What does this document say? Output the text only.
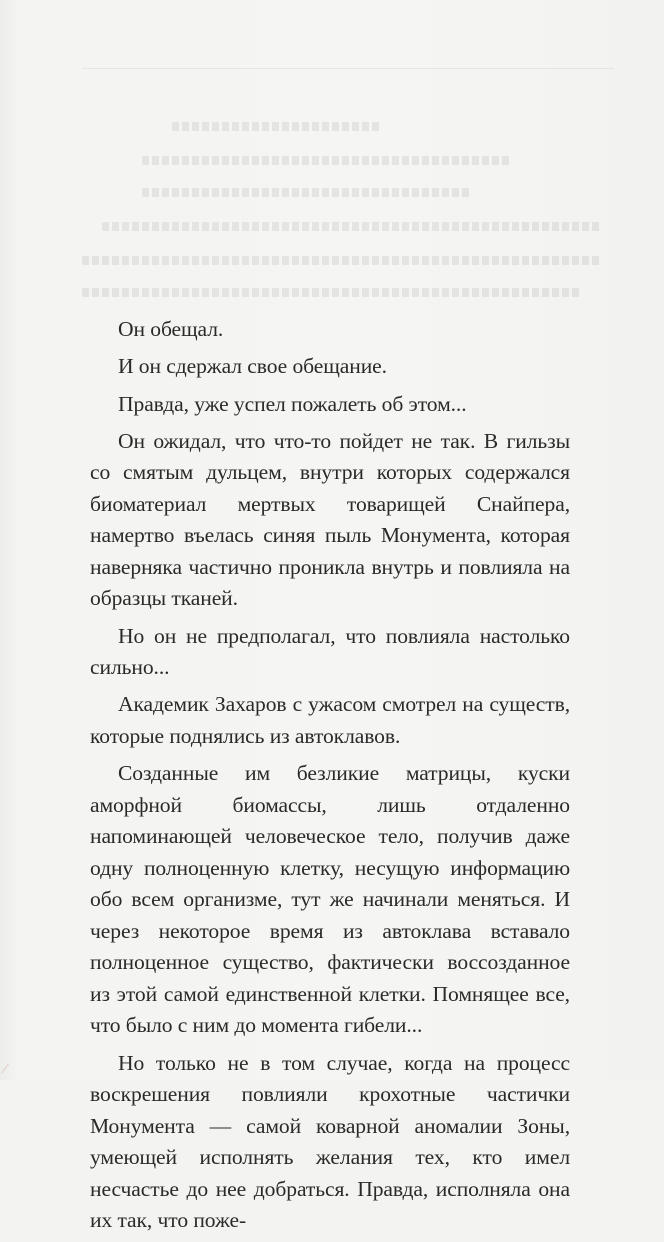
Он обещал.

И он сдержал свое обещание.

Правда, уже успел пожалеть об этом...

Он ожидал, что что-то пойдет не так. В гильзы со смятым дульцем, внутри которых содержался биоматериал мертвых товарищей Снайпера, намертво въелась синяя пыль Монумента, которая наверняка частично проникла внутрь и повлияла на образцы тканей.

Но он не предполагал, что повлияла настолько сильно...

Академик Захаров с ужасом смотрел на существ, которые поднялись из автоклавов.

Созданные им безликие матрицы, куски аморфной биомассы, лишь отдаленно напоминающей человеческое тело, получив даже одну полноценную клетку, несущую информацию обо всем организме, тут же начинали меняться. И через некоторое время из автоклава вставало полноценное существо, фактически воссозданное из этой самой единственной клетки. Помнящее все, что было с ним до момента гибели...

Но только не в том случае, когда на процесс воскрешения повлияли крохотные частички Монумента — самой коварной аномалии Зоны, умеющей исполнять желания тех, кто имел несчастье до нее добраться. Правда, исполняла она их так, что поже-

⁄
